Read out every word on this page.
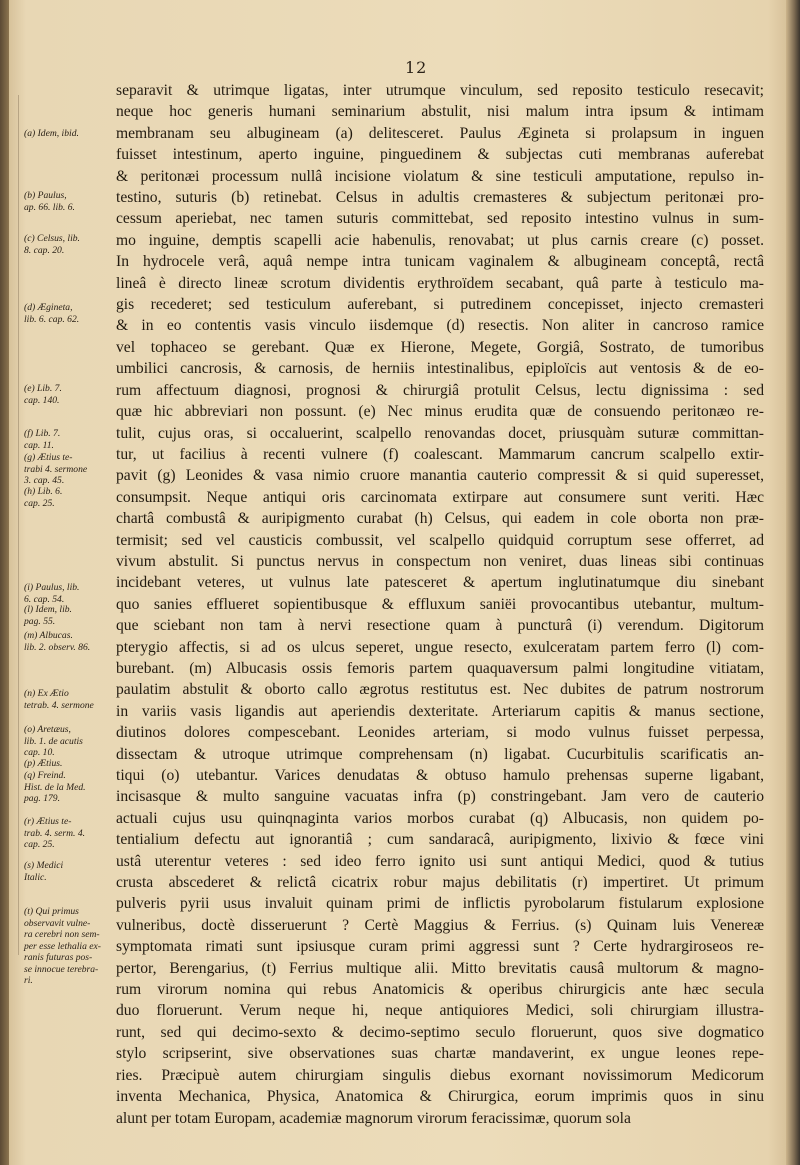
12
(a) Idem, ibid.
(b) Paulus,
ap. 66. lib. 6.
(c) Celsus, lib.
8. cap. 20.
(d) Ægineta,
lib. 6. cap. 62.
(e) Lib. 7.
cap. 140.
(f) Lib. 7.
cap. 11.
(g) Ætius te-
trabi 4. sermone
3. cap. 45.
(h) Lib. 6.
cap. 25.
(i) Paulus, lib.
6. cap. 54.
(l) Idem, lib.
pag. 55.
(m) Albucas.
lib. 2. observ. 86.
(n) Ex Ætio
tetrab. 4. sermone
(o) Aretæus,
lib. 1. de acutis
cap. 10.
(p) Ætius.
(q) Freind.
Hist. de la Med.
pag. 179.
(r) Ætius te-
trab. 4. serm. 4.
cap. 25.
(s) Medici
Italic.
(t) Qui primus
observavit vulne-
ra cerebri non sem-
per esse lethalia ex-
ranis futuras pos-
se innocue terebra-
ri.
separavit & utrimque ligatas, inter utrumque vinculum, sed reposito testiculo resecavit;
neque hoc generis humani seminarium abstulit, nisi malum intra ipsum & intimam
membranam seu albugineam (a) delitesceret. Paulus Ægineta si prolapsum in inguen
fuisset intestinum, aperto inguine, pinguedinem & subjectas cuti membranas auferebat
& peritonæi processum nullâ incisione violatum & sine testiculi amputatione, repulso in-
testino, suturis (b) retinebat. Celsus in adultis cremasteres & subjectum peritonæi pro-
cessum aperiebat, nec tamen suturis committebat, sed reposito intestino vulnus in sum-
mo inguine, demptis scapelli acie habenulis, renovabat; ut plus carnis creare (c) posset.
In hydrocele verâ, aquâ nempe intra tunicam vaginalem & albugineam conceptâ, rectâ
lineâ è directo lineæ scrotum dividentis erythroïdem secabant, quâ parte à testiculo ma-
gis recederet; sed testiculum auferebant, si putredinem concepisset, injecto cremasteri
& in eo contentis vasis vinculo iisdemque (d) resectis. Non aliter in cancroso ramice
vel tophaceo se gerebant. Quæ ex Hierone, Megete, Gorgiâ, Sostrato, de tumoribus
umbilici cancrosis, & carnosis, de herniis intestinalibus, epiploïcis aut ventosis & de eo-
rum affectuum diagnosi, prognosi & chirurgiâ protulit Celsus, lectu dignissima : sed
quæ hic abbreviari non possunt. (e) Nec minus erudita quæ de consuendo peritonæo re-
tulit, cujus oras, si occaluerint, scalpello renovandas docet, priusquàm suturæ committan-
tur, ut facilius à recenti vulnere (f) coalescant. Mammarum cancrum scalpello extir-
pavit (g) Leonides & vasa nimio cruore manantia cauterio compressit & si quid superesset,
consumpsit. Neque antiqui oris carcinomata extirpare aut consumere sunt veriti. Hæc
chartâ combustâ & auripigmento curabat (h) Celsus, qui eadem in cole oborta non præ-
termisit; sed vel causticis combussit, vel scalpello quidquid corruptum sese offerret, ad
vivum abstulit. Si punctus nervus in conspectum non veniret, duas lineas sibi continuas
incidebant veteres, ut vulnus late patesceret & apertum inglutinatumque diu sinebant
quo sanies efflueret sopientibusque & effluxum saniëi provocantibus utebantur, multum-
que sciebant non tam à nervi resectione quam à puncturâ (i) verendum. Digitorum
pterygio affectis, si ad os ulcus seperet, ungue resecto, exulceratam partem ferro (l) com-
burebant. (m) Albucasis ossis femoris partem quaquaversum palmi longitudine vitiatam,
paulatim abstulit & oborto callo ægrotus restitutus est. Nec dubites de patrum nostrorum
in variis vasis ligandis aut aperiendis dexteritate. Arteriarum capitis & manus sectione,
diutinos dolores compescebant. Leonides arteriam, si modo vulnus fuisset perpessa,
dissectam & utroque utrimque comprehensam (n) ligabat. Cucurbitulis scarificatis an-
tiqui (o) utebantur. Varices denudatas & obtuso hamulo prehensas superne ligabant,
incisasque & multo sanguine vacuatas infra (p) constringebant. Jam vero de cauterio
actuali cujus usu quinqnaginta varios morbos curabat (q) Albucasis, non quidem po-
tentialium defectu aut ignorantiâ ; cum sandaracâ, auripigmento, lixivio & fœce vini
ustâ uterentur veteres : sed ideo ferro ignito usi sunt antiqui Medici, quod & tutius
crusta abscederet & relictâ cicatrix robur majus debilitatis (r) impertiret. Ut primum
pulveris pyrii usus invaluit quinam primi de inflictis pyrobolarum fistularum explosione
vulneribus, doctè disseruerunt ? Certè Maggius & Ferrius. (s) Quinam luis Venereæ
symptomata rimati sunt ipsiusque curam primi aggressi sunt ? Certe hydrargiroseos re-
pertor, Berengarius, (t) Ferrius multique alii. Mitto brevitatis causâ multorum & magno-
rum virorum nomina qui rebus Anatomicis & operibus chirurgicis ante hæc secula
duo floruerunt. Verum neque hi, neque antiquiores Medici, soli chirurgiam illustra-
runt, sed qui decimo-sexto & decimo-septimo seculo floruerunt, quos sive dogmatico
stylo scripserint, sive observationes suas chartæ mandaverint, ex ungue leones repe-
ries. Præcipuè autem chirurgiam singulis diebus exornant novissimorum Medicorum
inventa Mechanica, Physica, Anatomica & Chirurgica, eorum imprimis quos in sinu
alunt per totam Europam, academiæ magnorum virorum feracissimæ, quorum sola
